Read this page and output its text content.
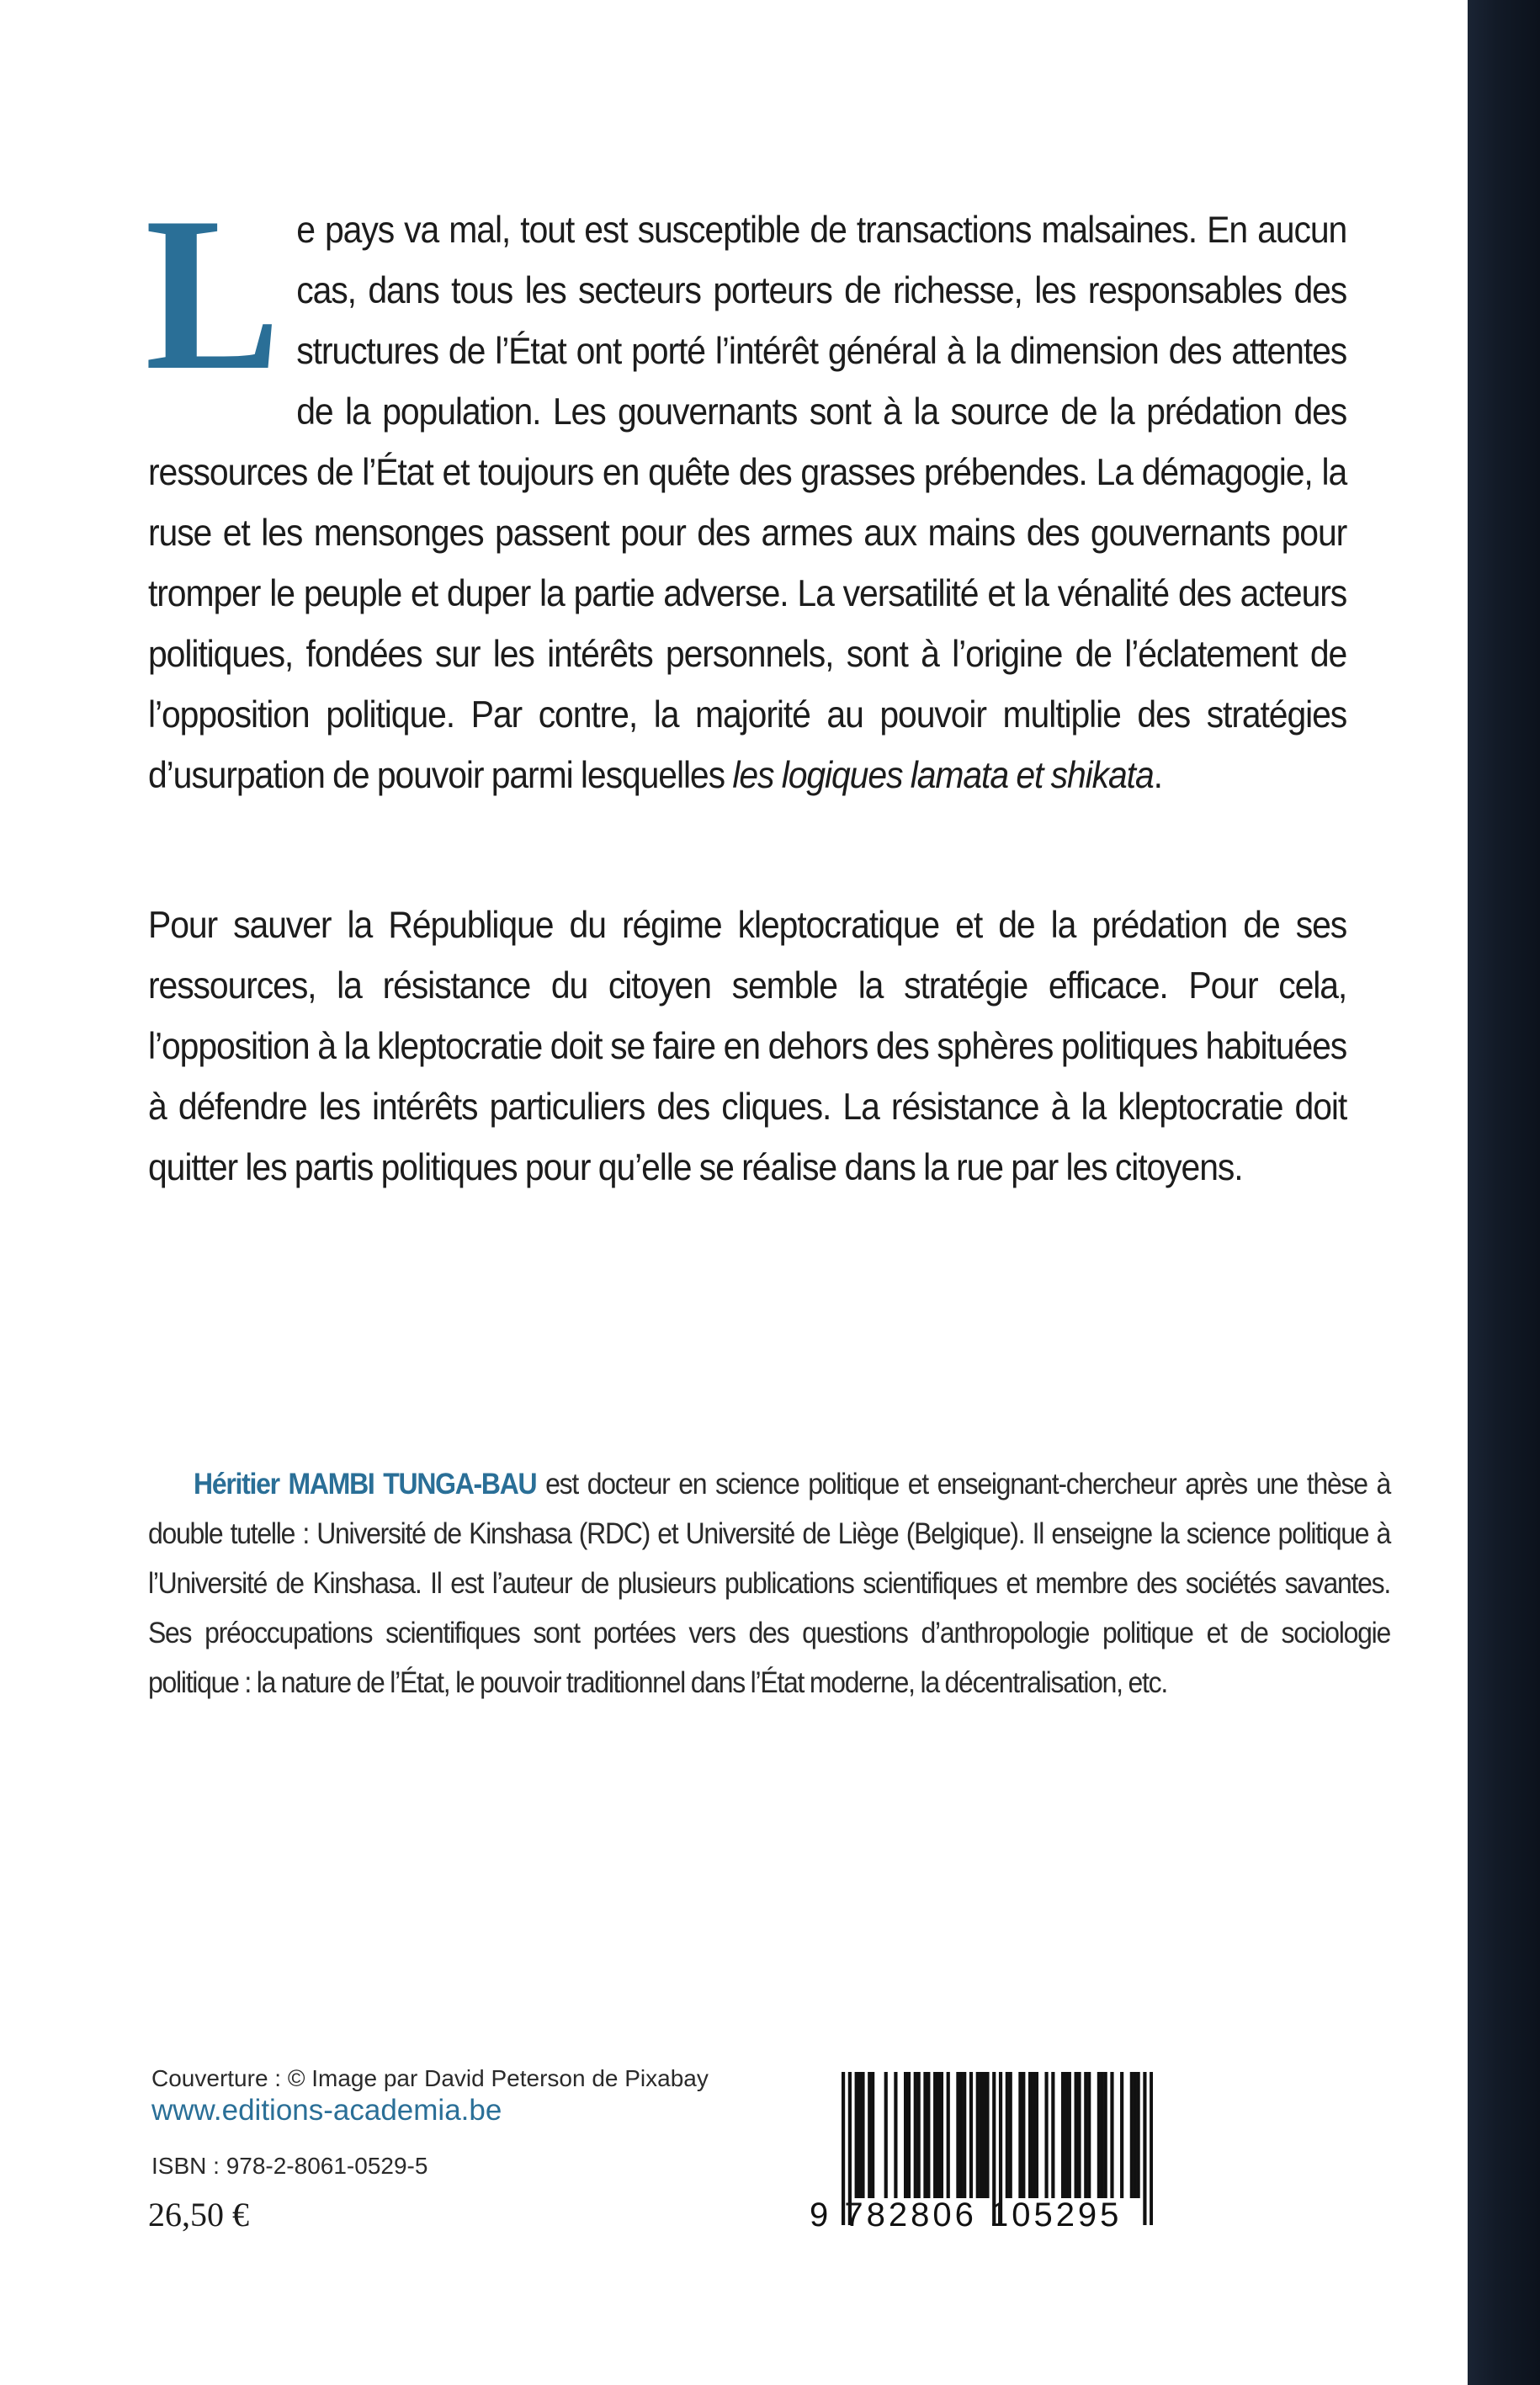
Le pays va mal, tout est susceptible de transactions malsaines. En aucun cas, dans tous les secteurs porteurs de richesse, les responsables des structures de l’État ont porté l’intérêt général à la dimension des attentes de la population. Les gouvernants sont à la source de la prédation des ressources de l’État et toujours en quête des grasses prébendes. La démagogie, la ruse et les mensonges passent pour des armes aux mains des gouvernants pour tromper le peuple et duper la partie adverse. La versatilité et la vénalité des acteurs politiques, fondées sur les intérêts personnels, sont à l’origine de l’éclatement de l’opposition politique. Par contre, la majorité au pouvoir multiplie des stratégies d’usurpation de pouvoir parmi lesquelles les logiques lamata et shikata.

Pour sauver la République du régime kleptocratique et de la prédation de ses ressources, la résistance du citoyen semble la stratégie efficace. Pour cela, l’opposition à la kleptocratie doit se faire en dehors des sphères politiques habituées à défendre les intérêts particuliers des cliques. La résistance à la kleptocratie doit quitter les partis politiques pour qu’elle se réalise dans la rue par les citoyens.

Héritier MAMBI TUNGA-BAU est docteur en science politique et enseignant-chercheur après une thèse à double tutelle : Université de Kinshasa (RDC) et Université de Liège (Belgique). Il enseigne la science politique à l’Université de Kinshasa. Il est l’auteur de plusieurs publications scientifiques et membre des sociétés savantes. Ses préoccupations scientifiques sont portées vers des questions d’anthropologie politique et de sociologie politique : la nature de l’État, le pouvoir traditionnel dans l’État moderne, la décentralisation, etc.

Couverture : © Image par David Peterson de Pixabay
www.editions-academia.be
ISBN : 978-2-8061-0529-5
26,50 €	9 782806 105295
